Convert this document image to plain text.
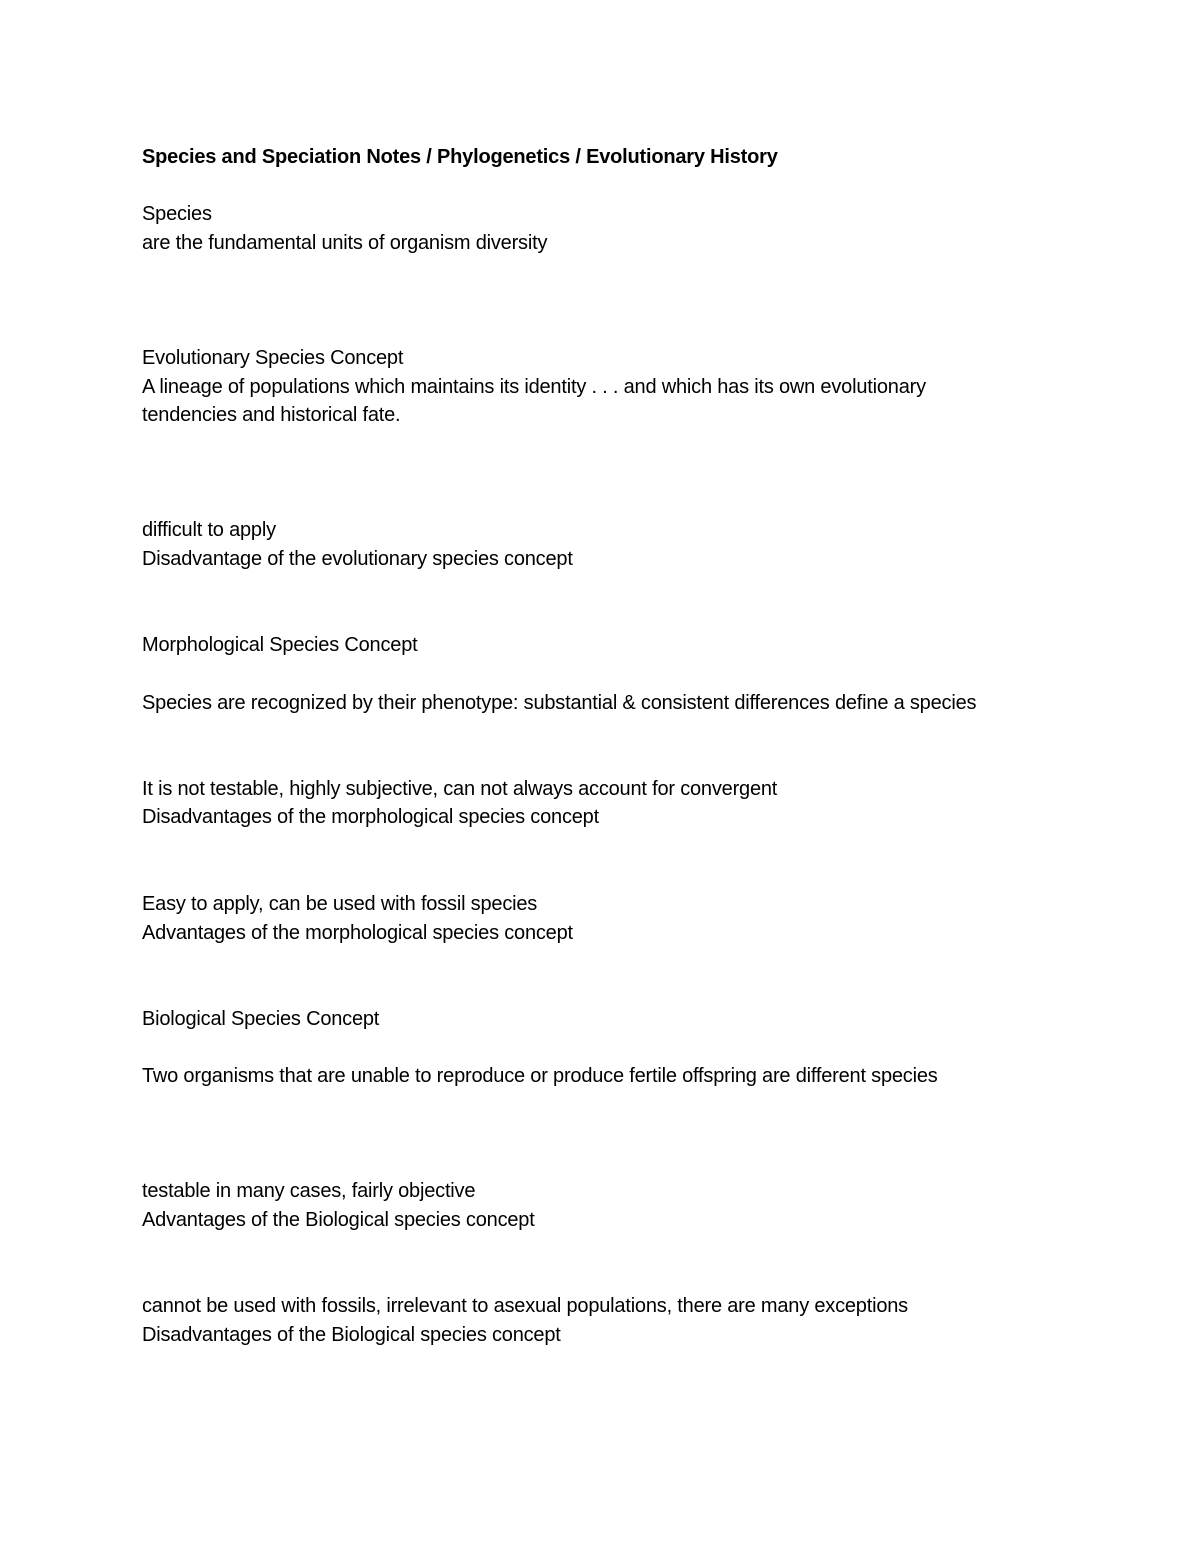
Species and Speciation Notes / Phylogenetics / Evolutionary History
Species
are the fundamental units of organism diversity
Evolutionary Species Concept
A lineage of populations which maintains its identity . . . and which has its own evolutionary
tendencies and historical fate.
difficult to apply
Disadvantage of the evolutionary species concept
Morphological Species Concept
Species are recognized by their phenotype: substantial & consistent differences define a species
It is not testable, highly subjective, can not always account for convergent
Disadvantages of the morphological species concept
Easy to apply, can be used with fossil species
Advantages of the morphological species concept
Biological Species Concept
Two organisms that are unable to reproduce or produce fertile offspring are different species
testable in many cases, fairly objective
Advantages of the Biological species concept
cannot be used with fossils, irrelevant to asexual populations, there are many exceptions
Disadvantages of the Biological species concept
